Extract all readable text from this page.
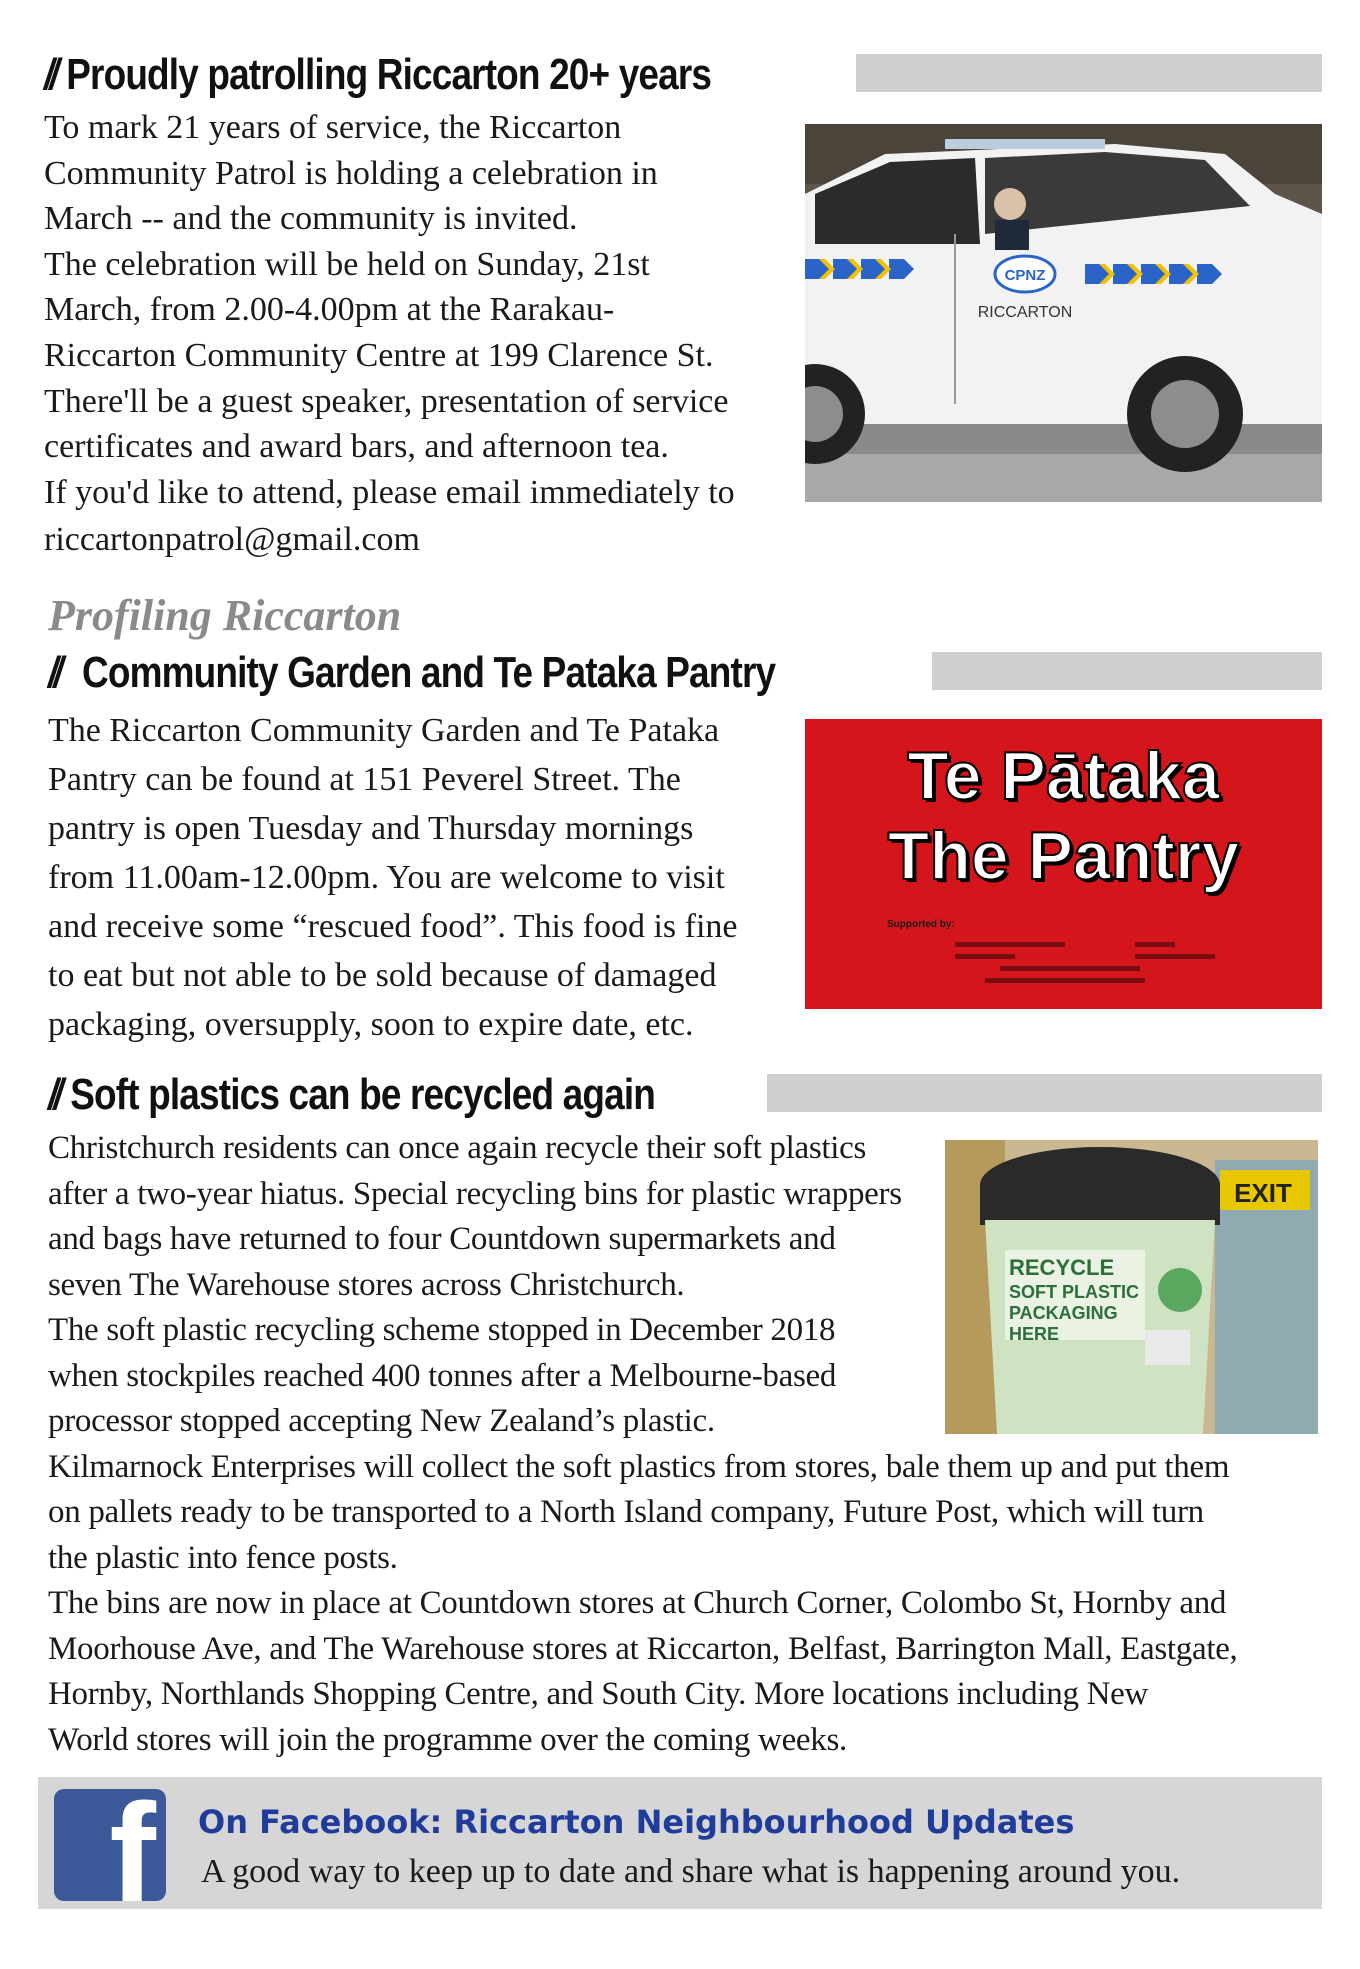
// Proudly patrolling Riccarton 20+ years
To mark 21 years of service, the Riccarton
Community Patrol is holding a celebration in
March -- and the community is invited.
The celebration will be held on Sunday, 21st
March, from 2.00-4.00pm at the Rarakau-
Riccarton Community Centre at 199 Clarence St.
There'll be a guest speaker, presentation of service
certificates and award bars, and afternoon tea.
If you'd like to attend, please email immediately to
riccartonpatrol@gmail.com
CPNZ
RICCARTON
Profiling Riccarton
// Community Garden and Te Pataka Pantry
The Riccarton Community Garden and Te Pataka
Pantry can be found at 151 Peverel Street. The
pantry is open Tuesday and Thursday mornings
from 11.00am-12.00pm. You are welcome to visit
and receive some “rescued food”. This food is fine
to eat but not able to be sold because of damaged
packaging, oversupply, soon to expire date, etc.
Te Pātaka
The Pantry
Supported by:
// Soft plastics can be recycled again
Christchurch residents can once again recycle their soft plastics
after a two-year hiatus. Special recycling bins for plastic wrappers
and bags have returned to four Countdown supermarkets and
seven The Warehouse stores across Christchurch.
The soft plastic recycling scheme stopped in December 2018
when stockpiles reached 400 tonnes after a Melbourne-based
processor stopped accepting New Zealand’s plastic.
Kilmarnock Enterprises will collect the soft plastics from stores, bale them up and put them
on pallets ready to be transported to a North Island company, Future Post, which will turn
the plastic into fence posts.
The bins are now in place at Countdown stores at Church Corner, Colombo St, Hornby and
Moorhouse Ave, and The Warehouse stores at Riccarton, Belfast, Barrington Mall, Eastgate,
Hornby, Northlands Shopping Centre, and South City. More locations including New
World stores will join the programme over the coming weeks.
EXIT
RECYCLE
SOFT PLASTIC
PACKAGING
HERE
f On Facebook: Riccarton Neighbourhood Updates
A good way to keep up to date and share what is happening around you.
